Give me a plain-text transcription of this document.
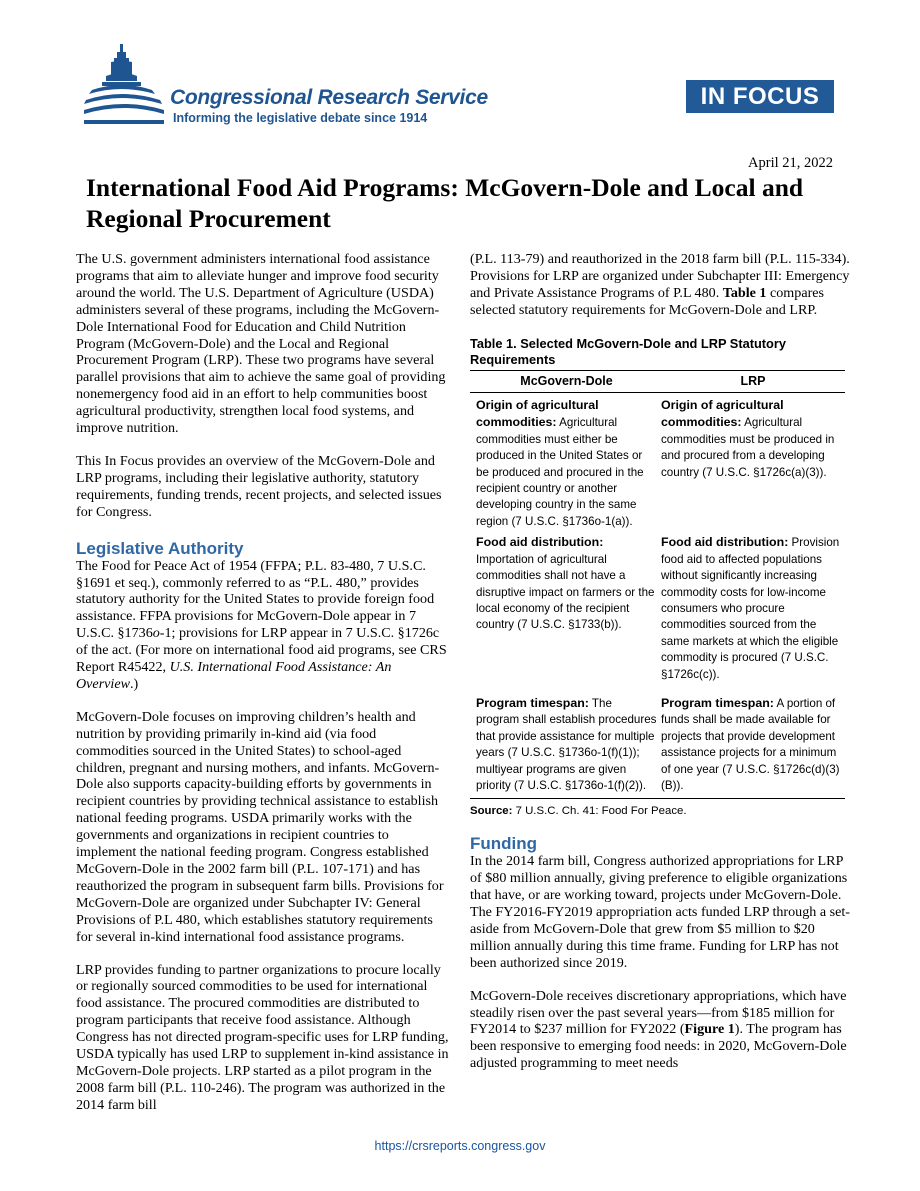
Congressional Research Service
Informing the legislative debate since 1914
IN FOCUS
April 21, 2022
International Food Aid Programs: McGovern-Dole and Local and Regional Procurement

The U.S. government administers international food assistance programs that aim to alleviate hunger and improve food security around the world. The U.S. Department of Agriculture (USDA) administers several of these programs, including the McGovern-Dole International Food for Education and Child Nutrition Program (McGovern-Dole) and the Local and Regional Procurement Program (LRP). These two programs have several parallel provisions that aim to achieve the same goal of providing nonemergency food aid in an effort to help communities boost agricultural productivity, strengthen local food systems, and improve nutrition.

This In Focus provides an overview of the McGovern-Dole and LRP programs, including their legislative authority, statutory requirements, funding trends, recent projects, and selected issues for Congress.

Legislative Authority

The Food for Peace Act of 1954 (FFPA; P.L. 83-480, 7 U.S.C. §1691 et seq.), commonly referred to as “P.L. 480,” provides statutory authority for the United States to provide foreign food assistance. FFPA provisions for McGovern-Dole appear in 7 U.S.C. §1736o-1; provisions for LRP appear in 7 U.S.C. §1726c of the act. (For more on international food aid programs, see CRS Report R45422, U.S. International Food Assistance: An Overview.)

McGovern-Dole focuses on improving children’s health and nutrition by providing primarily in-kind aid (via food commodities sourced in the United States) to school-aged children, pregnant and nursing mothers, and infants. McGovern-Dole also supports capacity-building efforts by governments in recipient countries by providing technical assistance to establish national feeding programs. USDA primarily works with the governments and organizations in recipient countries to implement the national feeding program. Congress established McGovern-Dole in the 2002 farm bill (P.L. 107-171) and has reauthorized the program in subsequent farm bills. Provisions for McGovern-Dole are organized under Subchapter IV: General Provisions of P.L 480, which establishes statutory requirements for several in-kind international food assistance programs.

LRP provides funding to partner organizations to procure locally or regionally sourced commodities to be used for international food assistance. The procured commodities are distributed to program participants that receive food assistance. Although Congress has not directed program-specific uses for LRP funding, USDA typically has used LRP to supplement in-kind assistance in McGovern-Dole projects. LRP started as a pilot program in the 2008 farm bill (P.L. 110-246). The program was authorized in the 2014 farm bill

(P.L. 113-79) and reauthorized in the 2018 farm bill (P.L. 115-334). Provisions for LRP are organized under Subchapter III: Emergency and Private Assistance Programs of P.L 480. Table 1 compares selected statutory requirements for McGovern-Dole and LRP.

Table 1. Selected McGovern-Dole and LRP Statutory Requirements
McGovern-Dole	LRP
Origin of agricultural commodities: Agricultural commodities must either be produced in the United States or be produced and procured in the recipient country or another developing country in the same region (7 U.S.C. §1736o-1(a)).
Origin of agricultural commodities: Agricultural commodities must be produced in and procured from a developing country (7 U.S.C. §1726c(a)(3)).
Food aid distribution: Importation of agricultural commodities shall not have a disruptive impact on farmers or the local economy of the recipient country (7 U.S.C. §1733(b)).
Food aid distribution: Provision food aid to affected populations without significantly increasing commodity costs for low-income consumers who procure commodities sourced from the same markets at which the eligible commodity is procured (7 U.S.C. §1726c(c)).
Program timespan: The program shall establish procedures that provide assistance for multiple years (7 U.S.C. §1736o-1(f)(1)); multiyear programs are given priority (7 U.S.C. §1736o-1(f)(2)).
Program timespan: A portion of funds shall be made available for projects that provide development assistance projects for a minimum of one year (7 U.S.C. §1726c(d)(3)(B)).
Source: 7 U.S.C. Ch. 41: Food For Peace.
Funding

In the 2014 farm bill, Congress authorized appropriations for LRP of $80 million annually, giving preference to eligible organizations that have, or are working toward, projects under McGovern-Dole. The FY2016-FY2019 appropriation acts funded LRP through a set-aside from McGovern-Dole that grew from $5 million to $20 million annually during this time frame. Funding for LRP has not been authorized since 2019.

McGovern-Dole receives discretionary appropriations, which have steadily risen over the past several years—from $185 million for FY2014 to $237 million for FY2022 (Figure 1). The program has been responsive to emerging food needs: in 2020, McGovern-Dole adjusted programming to meet needs

https://crsreports.congress.gov
